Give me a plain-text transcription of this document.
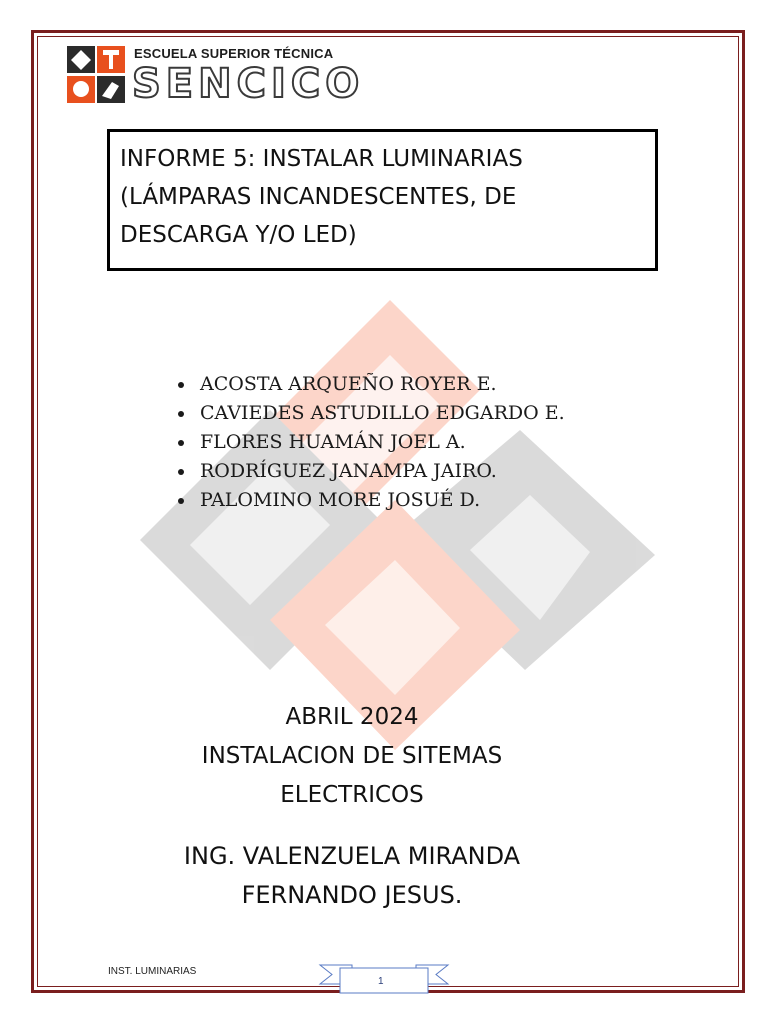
ESCUELA SUPERIOR TÉCNICA
SENCICO
INFORME 5: INSTALAR LUMINARIAS
(LÁMPARAS INCANDESCENTES, DE
DESCARGA Y/O LED)
ACOSTA ARQUEÑO ROYER E.
CAVIEDES ASTUDILLO EDGARDO E.
FLORES HUAMÁN JOEL A.
RODRÍGUEZ JANAMPA JAIRO.
PALOMINO MORE JOSUÉ D.
ABRIL 2024
INSTALACION DE SITEMAS
ELECTRICOS
ING. VALENZUELA MIRANDA
FERNANDO JESUS.
INST. LUMINARIAS
1
